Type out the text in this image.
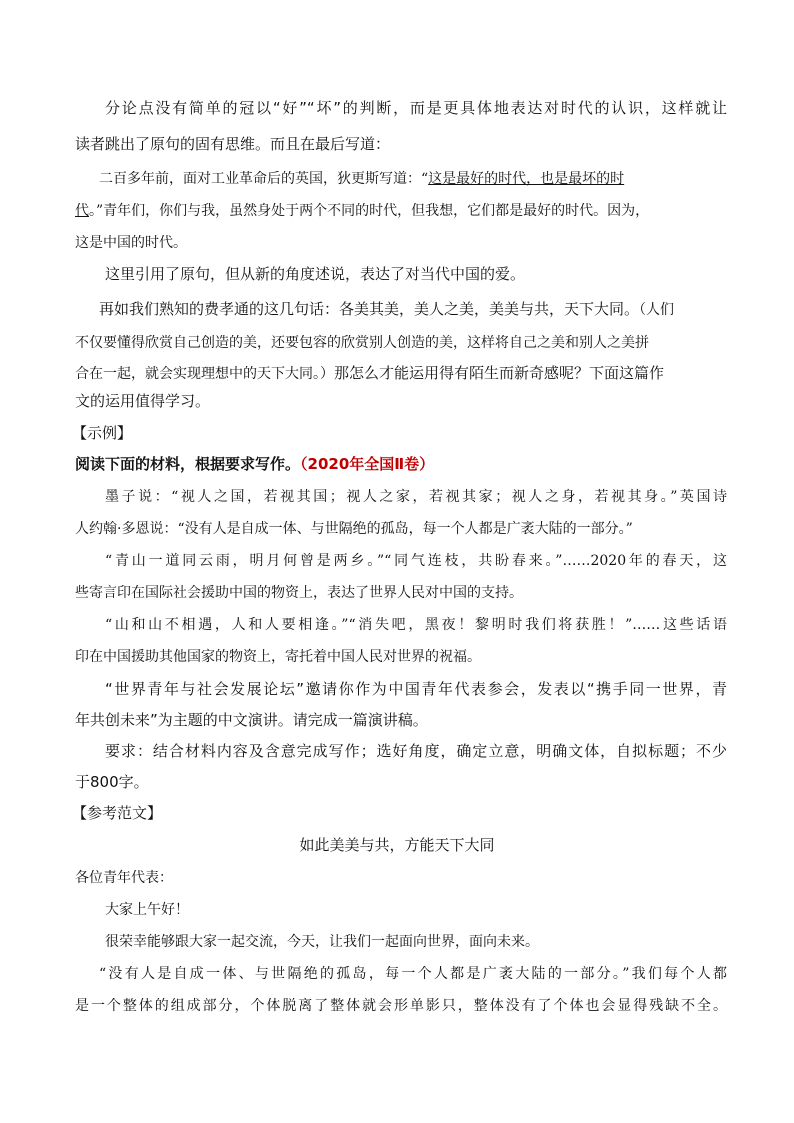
分论点没有简单的冠以“好”“坏”的判断，而是更具体地表达对时代的认识，这样就让
读者跳出了原句的固有思维。而且在最后写道：
二百多年前，面对工业革命后的英国，狄更斯写道：“这是最好的时代，也是最坏的时
代。”青年们，你们与我，虽然身处于两个不同的时代，但我想，它们都是最好的时代。因为，
这是中国的时代。
这里引用了原句，但从新的角度述说，表达了对当代中国的爱。
再如我们熟知的费孝通的这几句话：各美其美，美人之美，美美与共，天下大同。（人们
不仅要懂得欣赏自己创造的美，还要包容的欣赏别人创造的美，这样将自己之美和别人之美拼
合在一起，就会实现理想中的天下大同。）那怎么才能运用得有陌生而新奇感呢？下面这篇作
文的运用值得学习。
【示例】
阅读下面的材料，根据要求写作。（2020年全国Ⅱ卷）
墨子说：“视人之国，若视其国；视人之家，若视其家；视人之身，若视其身。”英国诗
人约翰·多恩说：“没有人是自成一体、与世隔绝的孤岛，每一个人都是广袤大陆的一部分。”
“青山一道同云雨，明月何曾是两乡。”“同气连枝，共盼春来。”……2020年的春天，这
些寄言印在国际社会援助中国的物资上，表达了世界人民对中国的支持。
“山和山不相遇，人和人要相逢。”“消失吧，黑夜！黎明时我们将获胜！”……这些话语
印在中国援助其他国家的物资上，寄托着中国人民对世界的祝福。
“世界青年与社会发展论坛”邀请你作为中国青年代表参会，发表以“携手同一世界，青
年共创未来”为主题的中文演讲。请完成一篇演讲稿。
要求：结合材料内容及含意完成写作；选好角度，确定立意，明确文体，自拟标题；不少
于800字。
【参考范文】
如此美美与共，方能天下大同
各位青年代表：
大家上午好！
很荣幸能够跟大家一起交流，今天，让我们一起面向世界，面向未来。
“没有人是自成一体、与世隔绝的孤岛，每一个人都是广袤大陆的一部分。”我们每个人都
是一个整体的组成部分，个体脱离了整体就会形单影只，整体没有了个体也会显得残缺不全。
